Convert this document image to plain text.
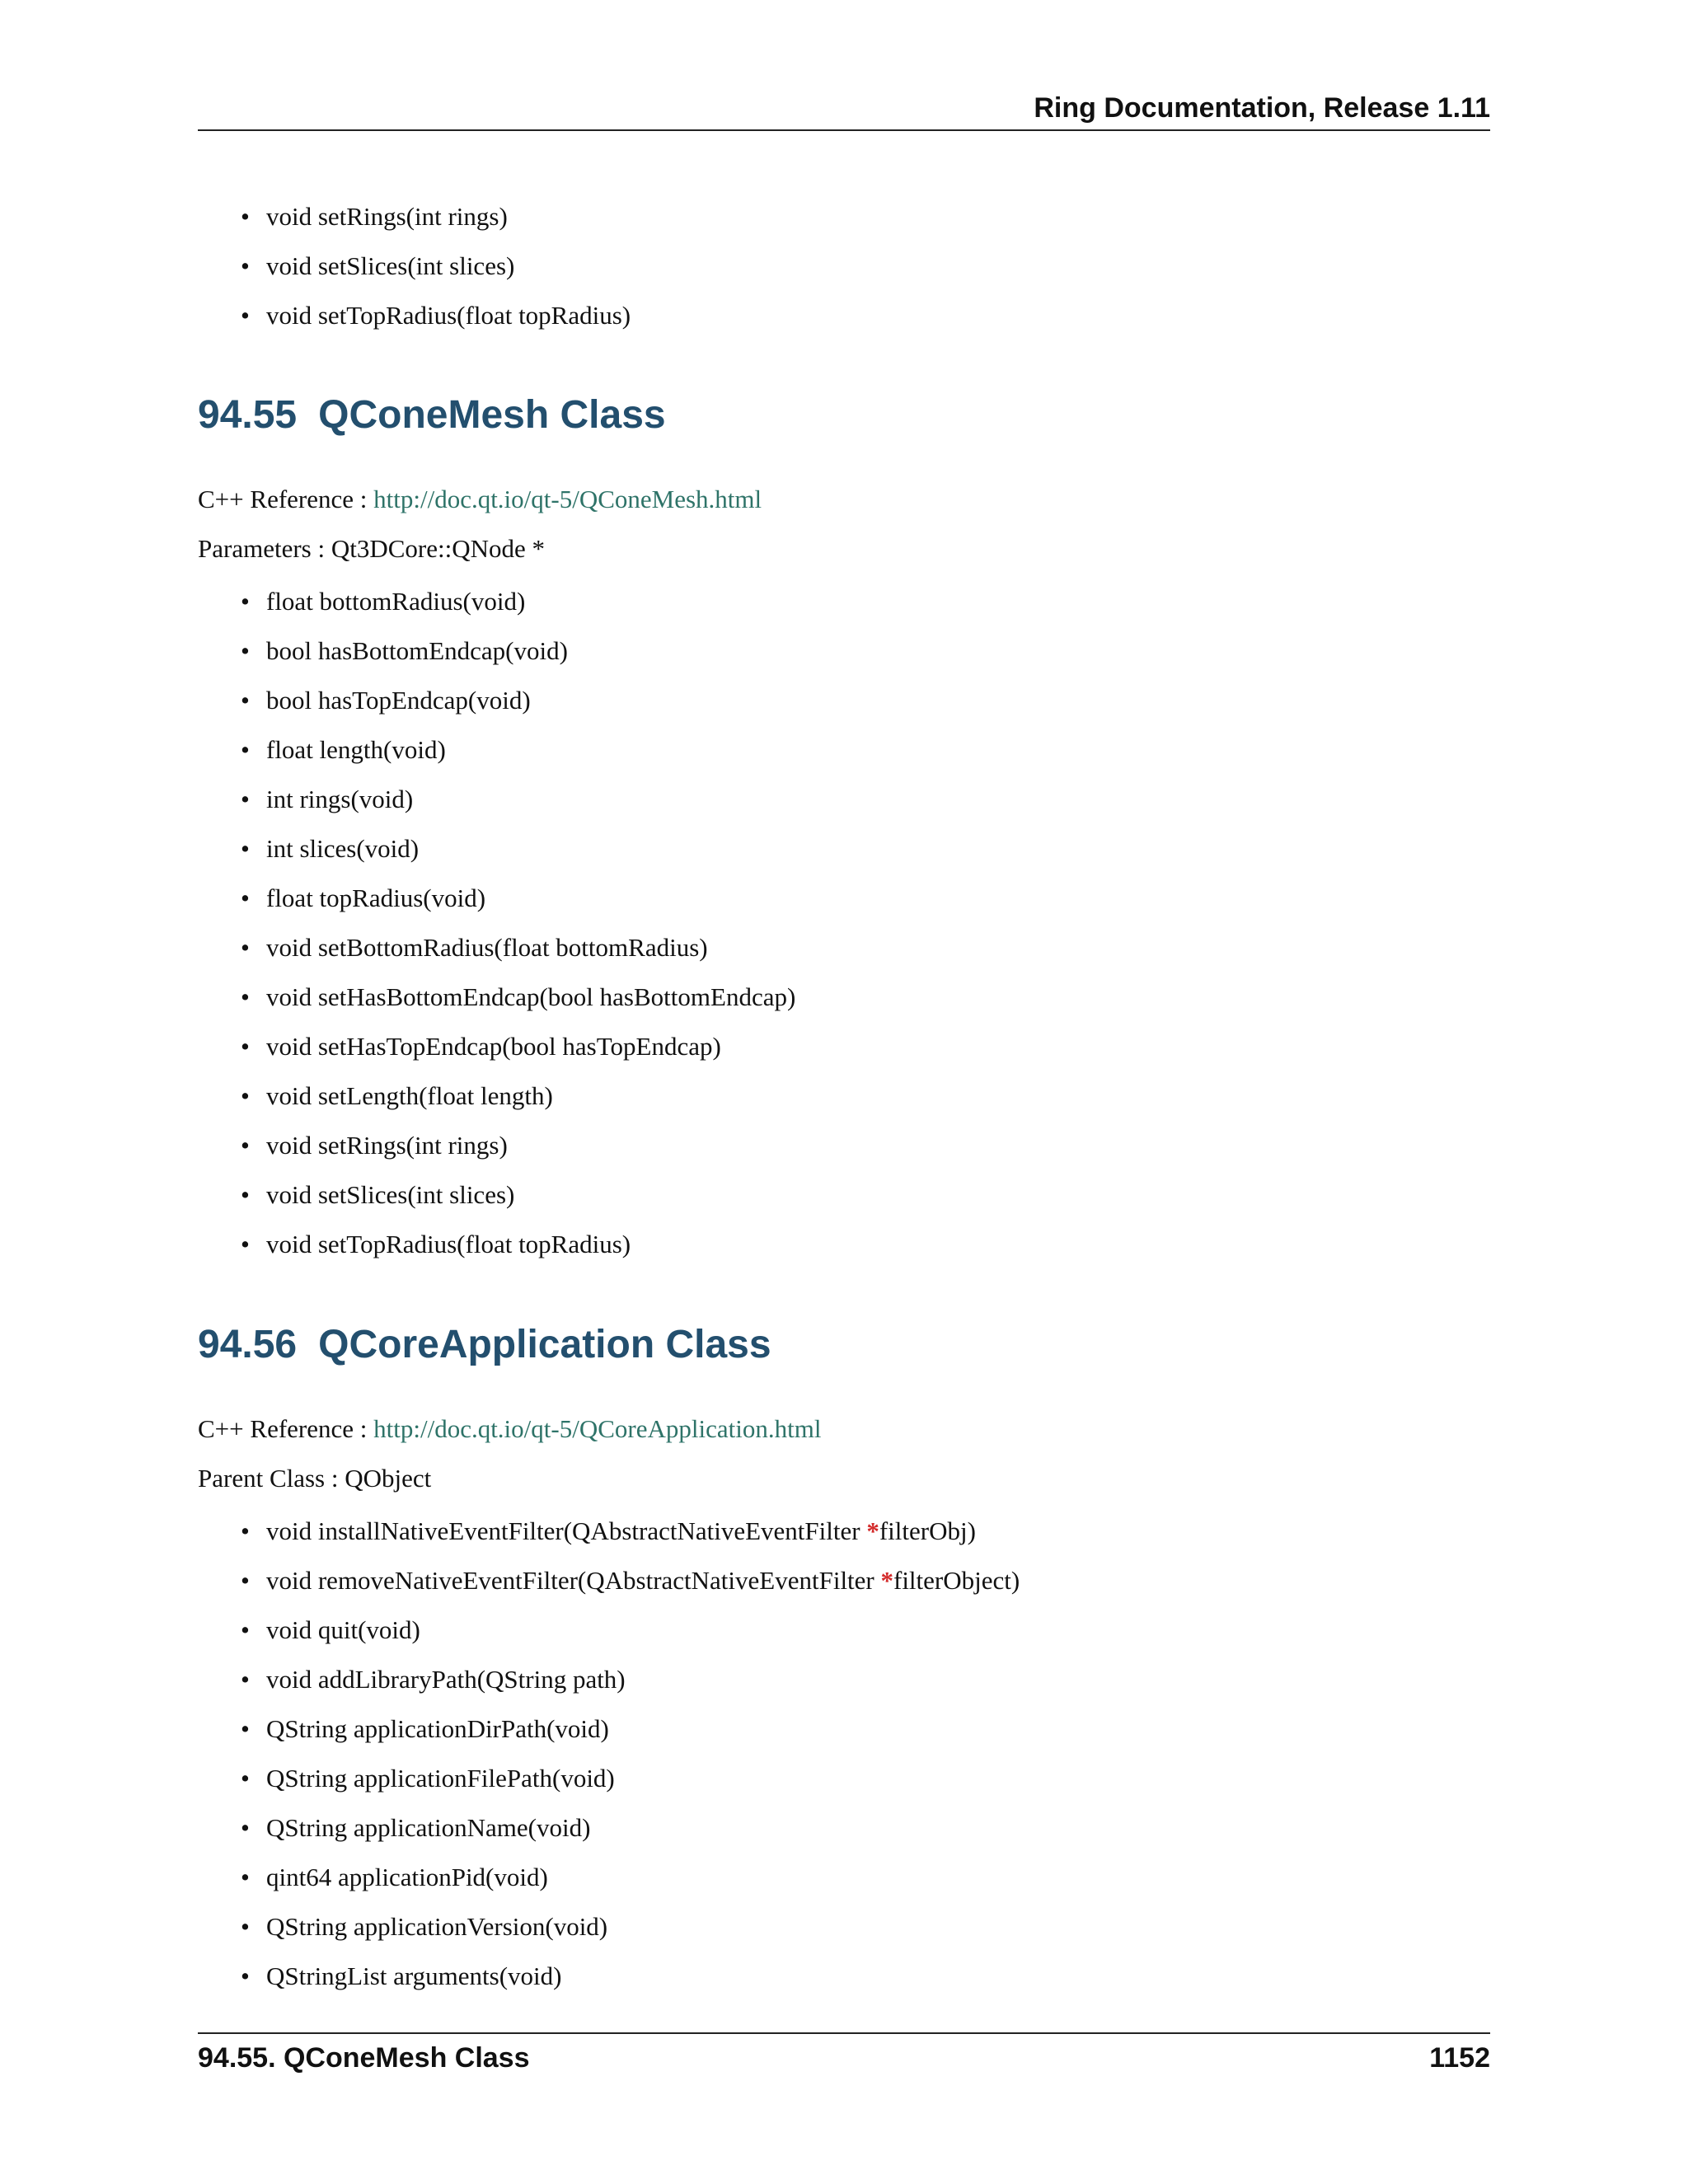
Ring Documentation, Release 1.11
• void setRings(int rings)
• void setSlices(int slices)
• void setTopRadius(float topRadius)
94.55 QConeMesh Class

C++ Reference : http://doc.qt.io/qt-5/QConeMesh.html

Parameters : Qt3DCore::QNode *

• float bottomRadius(void)
• bool hasBottomEndcap(void)
• bool hasTopEndcap(void)
• float length(void)
• int rings(void)
• int slices(void)
• float topRadius(void)
• void setBottomRadius(float bottomRadius)
• void setHasBottomEndcap(bool hasBottomEndcap)
• void setHasTopEndcap(bool hasTopEndcap)
• void setLength(float length)
• void setRings(int rings)
• void setSlices(int slices)
• void setTopRadius(float topRadius)
94.56 QCoreApplication Class

C++ Reference : http://doc.qt.io/qt-5/QCoreApplication.html

Parent Class : QObject

• void installNativeEventFilter(QAbstractNativeEventFilter *filterObj)
• void removeNativeEventFilter(QAbstractNativeEventFilter *filterObject)
• void quit(void)
• void addLibraryPath(QString path)
• QString applicationDirPath(void)
• QString applicationFilePath(void)
• QString applicationName(void)
• qint64 applicationPid(void)
• QString applicationVersion(void)
• QStringList arguments(void)
94.55. QConeMesh Class	1152
